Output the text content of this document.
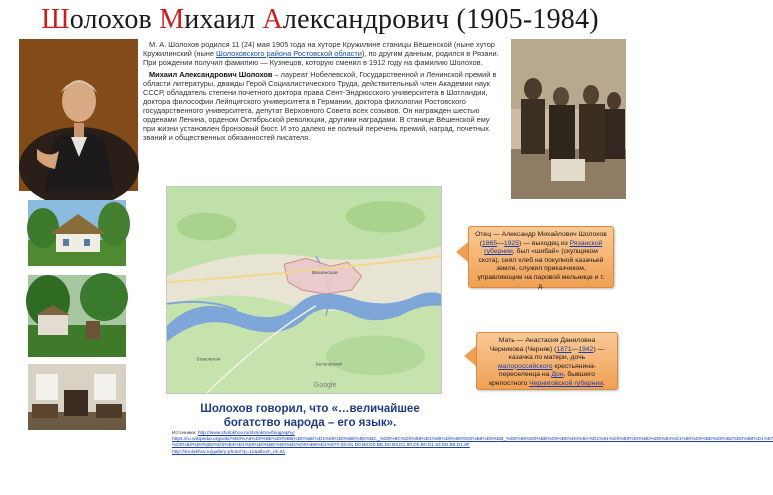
Шолохов Михаил Александрович (1905-1984)

М. А. Шолохов родился 11 (24) мая 1905 года на хуторе Кружилине станицы Вёшенской (ныне хутор Кружилинский (ныне Шолоховского района Ростовской области), по другим данным, родился в Рязани. При рождении получил фамилию — Кузнецов, которую сменил в 1912 году на фамилию Шолохов.

Михаил Александрович Шолохов – лауреат Нобелевской, Государственной и Ленинской премий в области литературы, дважды Герой Социалистического Труда, действительный член Академии наук СССР, обладатель степени почетного доктора права Сент-Эндрюсского университета в Шотландии, доктора философии Лейпцигского университета в Германии, доктора филологии Ростовского государственного университета, депутат Верховного Совета всех созывов. Он награжден шестью орденами Ленина, орденом Октябрьской революции, другими наградами. В станице Вёшенской ему при жизни установлен бронзовый бюст. И это далеко не полный перечень премий, наград, почетных званий и общественных обязанностей писателя.

Вешенская
Базковская
Белогорский
Google
Шолохов говорил, что «…величайшее богатство народа – его язык».
Источники: http://www.sholokhov.ru/sholokhov/biography/
https://ru.wikipedia.org/wiki/%D0%A8%D0%BE%D0%BB%D0%BE%D1%85%D0%BE%D0%B2,_%D0%9C%D0%B8%D1%85%D0%B0%D0%B8%D0%BB_%D0%90%D0%BB%D0%B5%D0%BA%D1%81%D0%B0%D0%BD%D0%B4%D1%80%D0%BE%D0%B2%D0%B8%D1%87
%D0%B0%D0%BD%D0%B4%D1%80%D0%BE%D0%B2%D0%B8%D1%87#.D0.91.D0.B8.D0.BE.D0.B3.D1.80.D0.B0.D1.84.D0.B8.D1.8F
http://sholokhov.ru/gallery-photo/?p=11&album_id=51
Отец — Александр Михайлович Шолохов (1865—1925) — выходец из Рязанской губернии, был «шибай» (скупщиком скота), сеял хлеб на покупной казачьей земле, служил приказчиком, управляющим на паровой мельнице и т. д.
Мать — Анастасия Даниловна Черникова (Черняк) (1871—1942) — казачка по матери, дочь малороссийского крестьянина-переселенца на Дон, бывшего крепостного Черниговской губернии.
